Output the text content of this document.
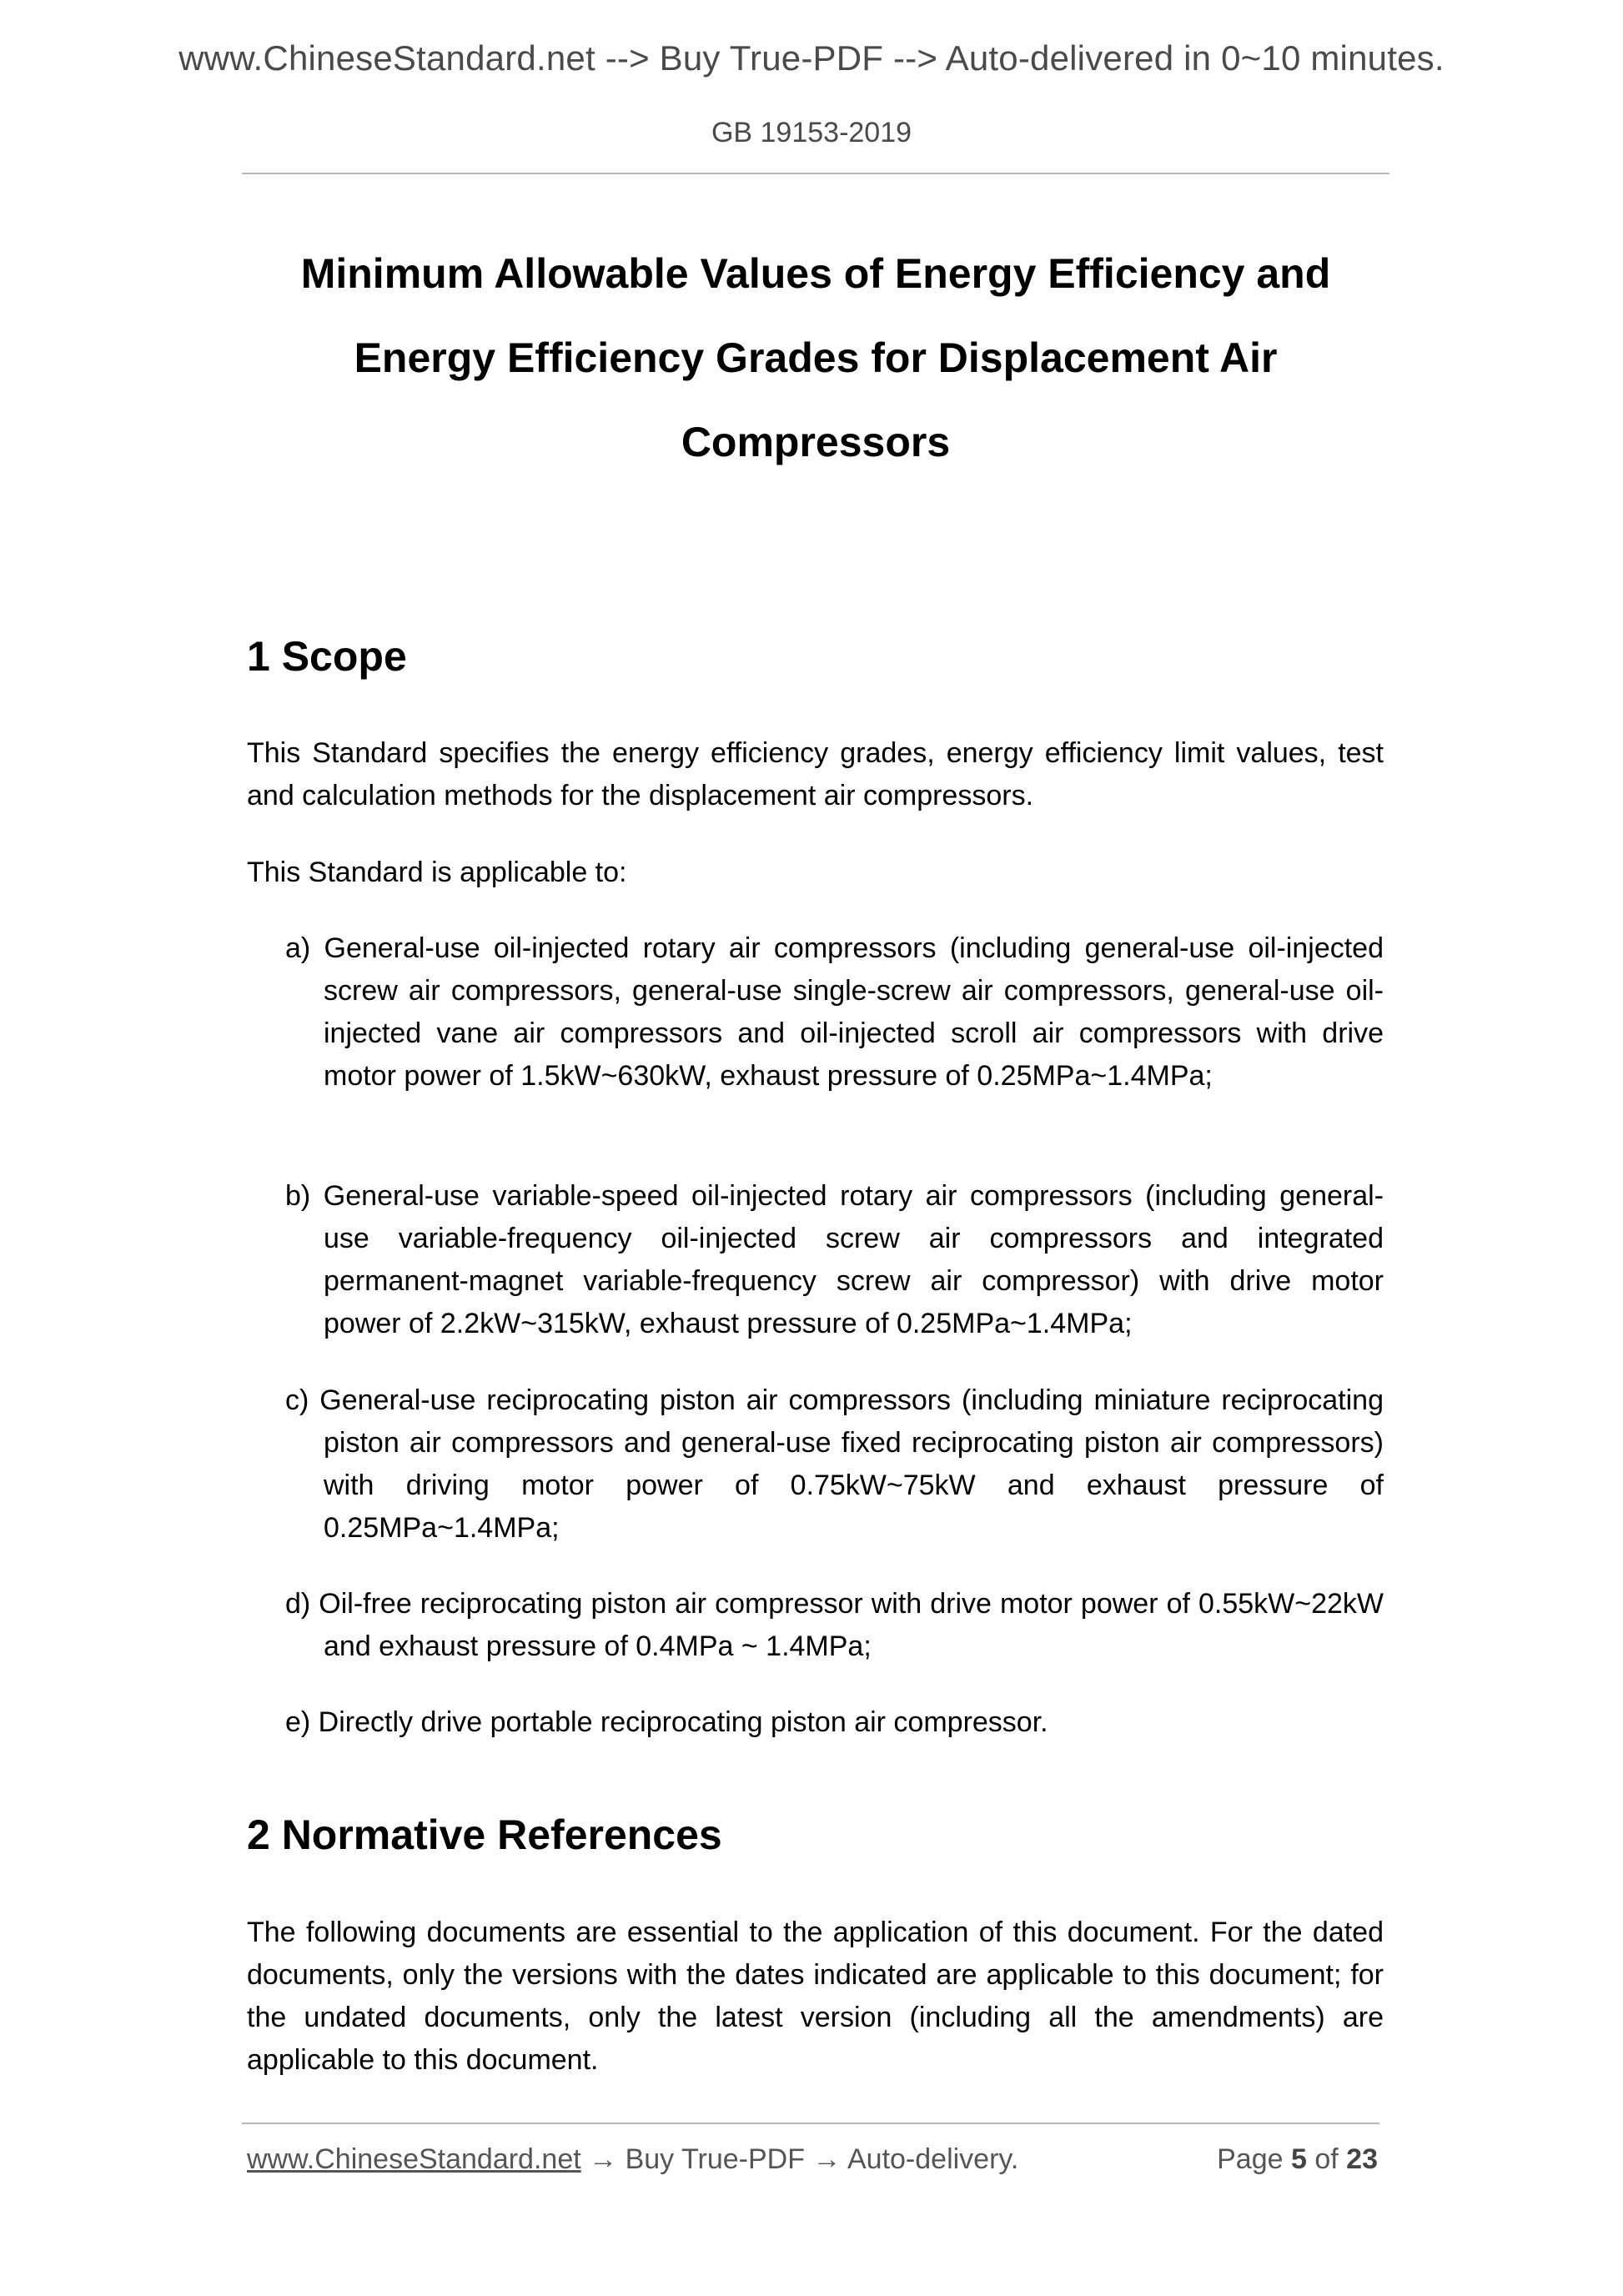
www.ChineseStandard.net --> Buy True-PDF --> Auto-delivered in 0~10 minutes.
GB 19153-2019
Minimum Allowable Values of Energy Efficiency and
Energy Efficiency Grades for Displacement Air
Compressors
1 Scope

This Standard specifies the energy efficiency grades, energy efficiency limit values, test and calculation methods for the displacement air compressors.

This Standard is applicable to:

a) General-use oil-injected rotary air compressors (including general-use oil-injected screw air compressors, general-use single-screw air compressors, general-use oil-injected vane air compressors and oil-injected scroll air compressors with drive motor power of 1.5kW~630kW, exhaust pressure of 0.25MPa~1.4MPa;

b) General-use variable-speed oil-injected rotary air compressors (including general-use variable-frequency oil-injected screw air compressors and integrated permanent-magnet variable-frequency screw air compressor) with drive motor power of 2.2kW~315kW, exhaust pressure of 0.25MPa~1.4MPa;

c) General-use reciprocating piston air compressors (including miniature reciprocating piston air compressors and general-use fixed reciprocating piston air compressors) with driving motor power of 0.75kW~75kW and exhaust pressure of 0.25MPa~1.4MPa;

d) Oil-free reciprocating piston air compressor with drive motor power of 0.55kW~22kW and exhaust pressure of 0.4MPa ~ 1.4MPa;

e) Directly drive portable reciprocating piston air compressor.

2 Normative References

The following documents are essential to the application of this document. For the dated documents, only the versions with the dates indicated are applicable to this document; for the undated documents, only the latest version (including all the amendments) are applicable to this document.

www.ChineseStandard.net → Buy True-PDF → Auto-delivery.	Page 5 of 23
